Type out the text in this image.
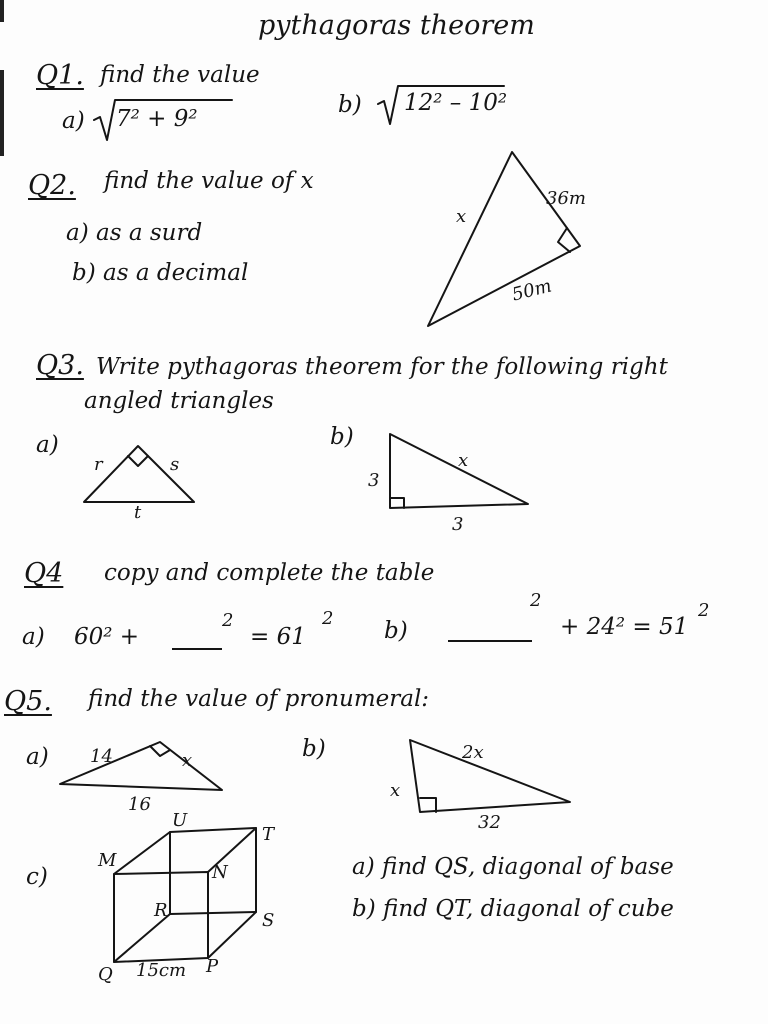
pythagoras theorem
Q1. find the value
a) 7² + 9²
b) 12² – 10²
Q2. find the value of x
a) as a surd
b) as a decimal
x
36m
50m
Q3. Write pythagoras theorem for the following right
angled triangles
a)
r	s
t
b)
3
x
3
Q4 copy and complete the table
a) 60² +
2
= 61
2 b)
2
+ 24² = 51
2
Q5. find the value of pronumeral:
a) 14	x
16
b)	2x
x
32
c)
M
U
T
N
R	S
Q 15cm P
a) find QS, diagonal of base
b) find QT, diagonal of cube
